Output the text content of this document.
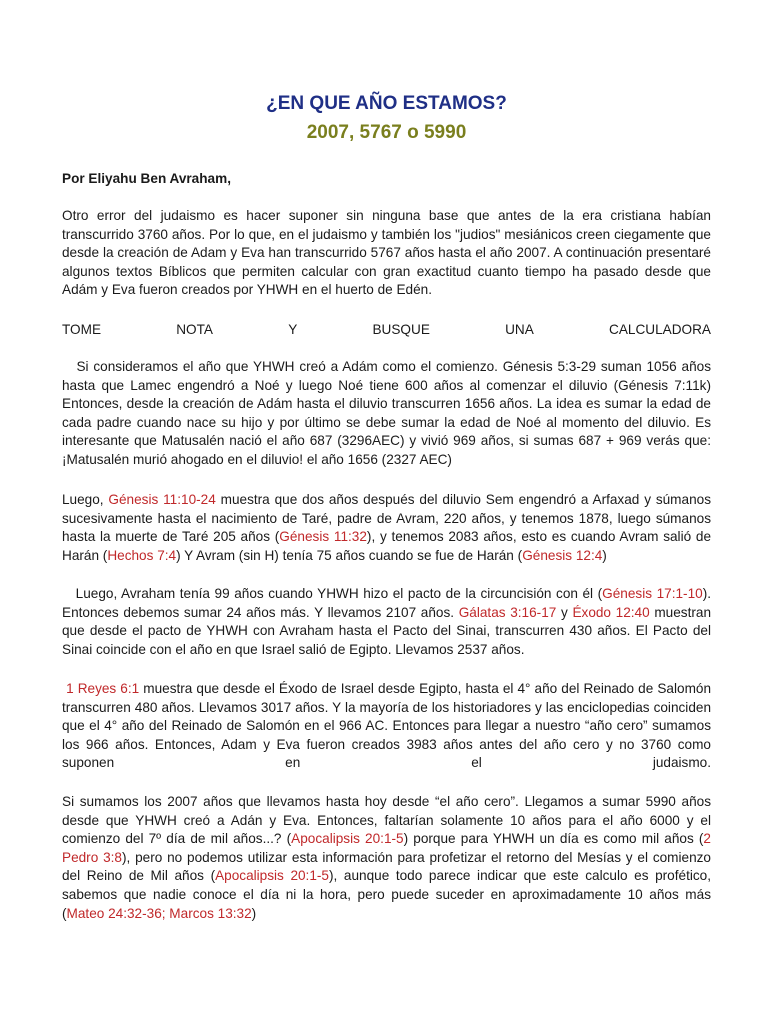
¿EN QUE AÑO ESTAMOS?
2007, 5767 o 5990
Por Eliyahu Ben Avraham,

Otro error del judaismo es hacer suponer sin ninguna base que antes de la era cristiana habían transcurrido 3760 años. Por lo que, en el judaismo y también los "judios" mesiánicos creen ciegamente que desde la creación de Adam y Eva han transcurrido 5767 años hasta el año 2007. A continuación presentaré algunos textos Bíblicos que permiten calcular con gran exactitud cuanto tiempo ha pasado desde que Adám y Eva fueron creados por YHWH en el huerto de Edén.

TOME	NOTA	Y	BUSQUE	UNA	CALCULADORA

Si consideramos el año que YHWH creó a Adám como el comienzo. Génesis 5:3-29 suman 1056 años hasta que Lamec engendró a Noé y luego Noé tiene 600 años al comenzar el diluvio (Génesis 7:11k) Entonces, desde la creación de Adám hasta el diluvio transcurren 1656 años. La idea es sumar la edad de cada padre cuando nace su hijo y por último se debe sumar la edad de Noé al momento del diluvio. Es interesante que Matusalén nació el año 687 (3296AEC) y vivió 969 años, si sumas 687 + 969 verás que: ¡Matusalén murió ahogado en el diluvio! el año 1656 (2327 AEC)

Luego, Génesis 11:10-24 muestra que dos años después del diluvio Sem engendró a Arfaxad y súmanos sucesivamente hasta el nacimiento de Taré, padre de Avram, 220 años, y tenemos 1878, luego súmanos hasta la muerte de Taré 205 años (Génesis 11:32), y tenemos 2083 años, esto es cuando Avram salió de Harán (Hechos 7:4) Y Avram (sin H) tenía 75 años cuando se fue de Harán (Génesis 12:4)

Luego, Avraham tenía 99 años cuando YHWH hizo el pacto de la circuncisión con él (Génesis 17:1-10). Entonces debemos sumar 24 años más. Y llevamos 2107 años. Gálatas 3:16-17 y Éxodo 12:40 muestran que desde el pacto de YHWH con Avraham hasta el Pacto del Sinai, transcurren 430 años. El Pacto del Sinai coincide con el año en que Israel salió de Egipto. Llevamos 2537 años.

1 Reyes 6:1 muestra que desde el Éxodo de Israel desde Egipto, hasta el 4° año del Reinado de Salomón transcurren 480 años. Llevamos 3017 años. Y la mayoría de los historiadores y las enciclopedias coinciden que el 4° año del Reinado de Salomón en el 966 AC. Entonces para llegar a nuestro “año cero” sumamos los 966 años. Entonces, Adam y Eva fueron creados 3983 años antes del año cero y no 3760 como suponen en el judaismo.

Si sumamos los 2007 años que llevamos hasta hoy desde “el año cero”. Llegamos a sumar 5990 años desde que YHWH creó a Adán y Eva. Entonces, faltarían solamente 10 años para el año 6000 y el comienzo del 7º día de mil años...? (Apocalipsis 20:1-5) porque para YHWH un día es como mil años (2 Pedro 3:8), pero no podemos utilizar esta información para profetizar el retorno del Mesías y el comienzo del Reino de Mil años (Apocalipsis 20:1-5), aunque todo parece indicar que este calculo es profético, sabemos que nadie conoce el día ni la hora, pero puede suceder en aproximadamente 10 años más (Mateo 24:32-36; Marcos 13:32)
